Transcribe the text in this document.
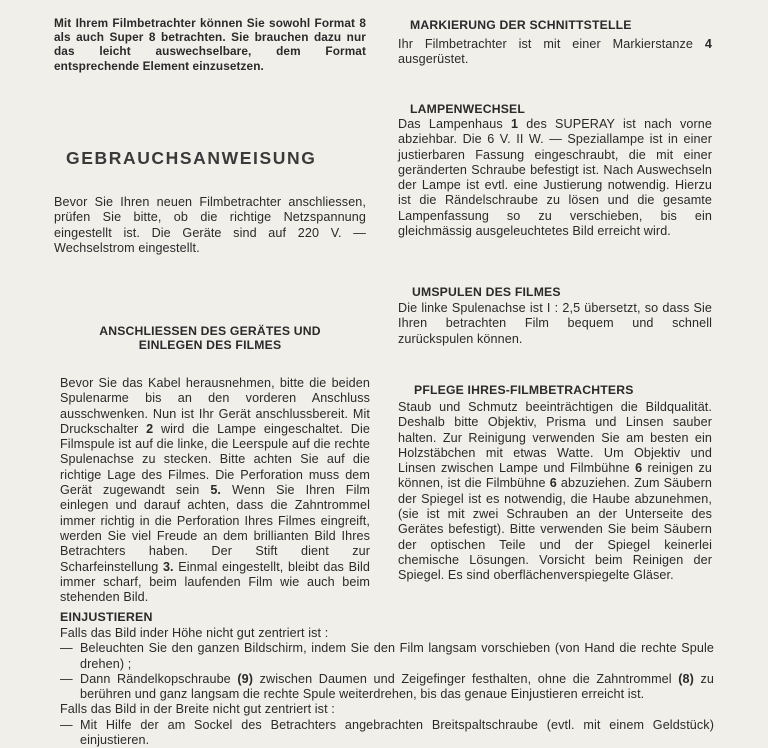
Mit Ihrem Filmbetrachter können Sie sowohl Format 8 als auch Super 8 betrachten. Sie brauchen dazu nur das leicht auswechselbare, dem Format entsprechende Element einzusetzen.

GEBRAUCHSANWEISUNG

Bevor Sie Ihren neuen Filmbetrachter anschliessen, prüfen Sie bitte, ob die richtige Netzspannung eingestellt ist. Die Geräte sind auf 220 V. — Wechselstrom eingestellt.

ANSCHLIESSEN DES GERÄTES UND
EINLEGEN DES FILMES

Bevor Sie das Kabel herausnehmen, bitte die beiden Spulenarme bis an den vorderen Anschluss ausschwenken. Nun ist Ihr Gerät anschlussbereit. Mit Druckschalter 2 wird die Lampe eingeschaltet. Die Filmspule ist auf die linke, die Leerspule auf die rechte Spulenachse zu stecken. Bitte achten Sie auf die richtige Lage des Filmes. Die Perforation muss dem Gerät zugewandt sein 5. Wenn Sie Ihren Film einlegen und darauf achten, dass die Zahntrommel immer richtig in die Perforation Ihres Filmes eingreift, werden Sie viel Freude an dem brillianten Bild Ihres Betrachters haben. Der Stift dient zur Scharfeinstellung 3. Einmal eingestellt, bleibt das Bild immer scharf, beim laufenden Film wie auch beim stehenden Bild.

MARKIERUNG DER SCHNITTSTELLE

Ihr Filmbetrachter ist mit einer Markierstanze 4 ausgerüstet.

LAMPENWECHSEL

Das Lampenhaus 1 des SUPERAY ist nach vorne abziehbar. Die 6 V. II W. — Speziallampe ist in einer justierbaren Fassung eingeschraubt, die mit einer geränderten Schraube befestigt ist. Nach Auswechseln der Lampe ist evtl. eine Justierung notwendig. Hierzu ist die Rändelschraube zu lösen und die gesamte Lampenfassung so zu verschieben, bis ein gleichmässig ausgeleuchtetes Bild erreicht wird.

UMSPULEN DES FILMES

Die linke Spulenachse ist I : 2,5 übersetzt, so dass Sie Ihren betrachten Film bequem und schnell zurückspulen können.

PFLEGE IHRES-FILMBETRACHTERS

Staub und Schmutz beeinträchtigen die Bildqualität. Deshalb bitte Objektiv, Prisma und Linsen sauber halten. Zur Reinigung verwenden Sie am besten ein Holzstäbchen mit etwas Watte. Um Objektiv und Linsen zwischen Lampe und Filmbühne 6 reinigen zu können, ist die Filmbühne 6 abzuziehen. Zum Säubern der Spiegel ist es notwendig, die Haube abzunehmen, (sie ist mit zwei Schrauben an der Unterseite des Gerätes befestigt). Bitte verwenden Sie beim Säubern der optischen Teile und der Spiegel keinerlei chemische Lösungen. Vorsicht beim Reinigen der Spiegel. Es sind oberflächenverspiegelte Gläser.

EINJUSTIEREN

Falls das Bild inder Höhe nicht gut zentriert ist :

— Beleuchten Sie den ganzen Bildschirm, indem Sie den Film langsam vorschieben (von Hand die rechte Spule drehen) ;

— Dann Rändelkopschraube (9) zwischen Daumen und Zeigefinger festhalten, ohne die Zahntrommel (8) zu berühren und ganz langsam die rechte Spule weiterdrehen, bis das genaue Einjustieren erreicht ist.

Falls das Bild in der Breite nicht gut zentriert ist :

— Mit Hilfe der am Sockel des Betrachters angebrachten Breitspaltschraube (evtl. mit einem Geldstück) einjustieren.
